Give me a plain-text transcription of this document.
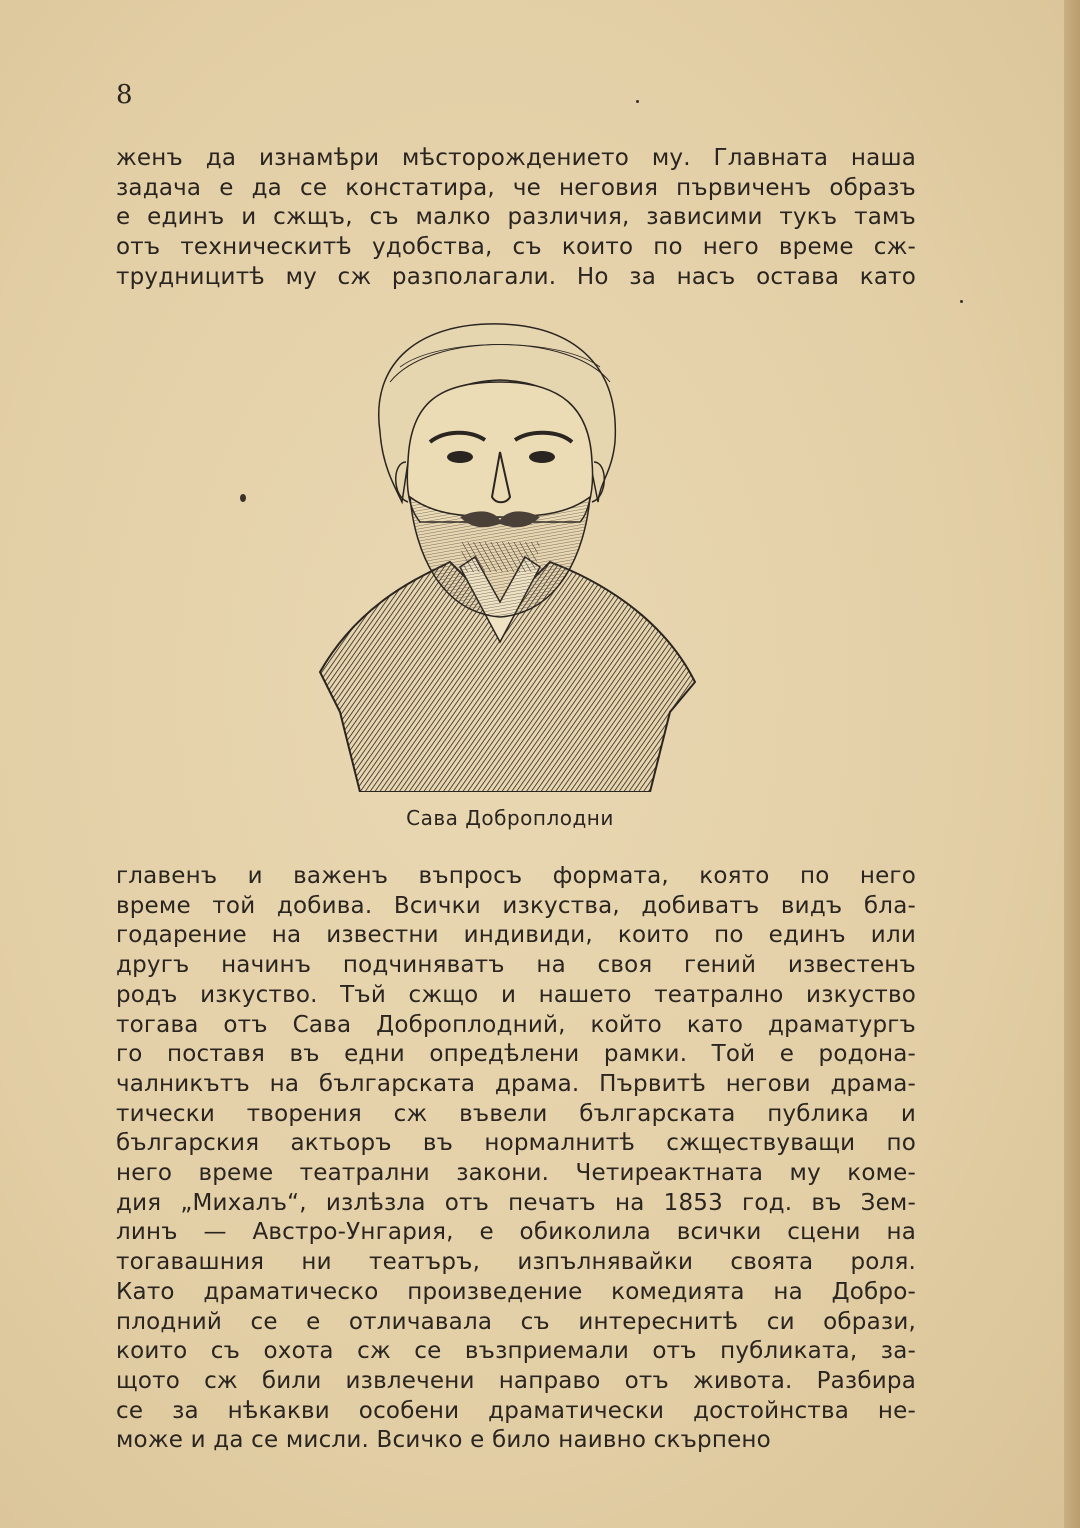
8

женъ да изнамѣри мѣсторождението му. Главната наша

задача е да се констатира, че неговия първиченъ образъ

е единъ и сжщъ, съ малко различия, зависими тукъ тамъ

отъ техническитѣ удобства, съ които по него време сж-

трудницитѣ му сж разполагали. Но за насъ остава като

Сава Доброплодни

главенъ и важенъ въпросъ формата, която по него

време той добива. Всички изкуства, добиватъ видъ бла-

годарение на известни индивиди, които по единъ или

другъ начинъ подчиняватъ на своя гений известенъ

родъ изкуство. Тъй сжщо и нашето театрално изкуство

тогава отъ Сава Доброплодний, който като драматургъ

го поставя въ едни опредѣлени рамки. Той е родона-

чалникътъ на българската драма. Първитѣ негови драма-

тически творения сж въвели българската публика и

българския актьоръ въ нормалнитѣ сжществуващи по

него време театрални закони. Четиреактната му коме-

дия „Михалъ“, излѣзла отъ печатъ на 1853 год. въ Зем-

линъ — Австро-Унгария, е обиколила всички сцени на

тогавашния ни театъръ, изпълнявайки своята роля.

Като драматическо произведение комедията на Добро-

плодний се е отличавала съ интереснитѣ си образи,

които съ охота сж се възприемали отъ публиката, за-

щото сж били извлечени направо отъ живота. Разбира

се за нѣкакви особени драматически достойнства не-

може и да се мисли. Всичко е било наивно скърпено
